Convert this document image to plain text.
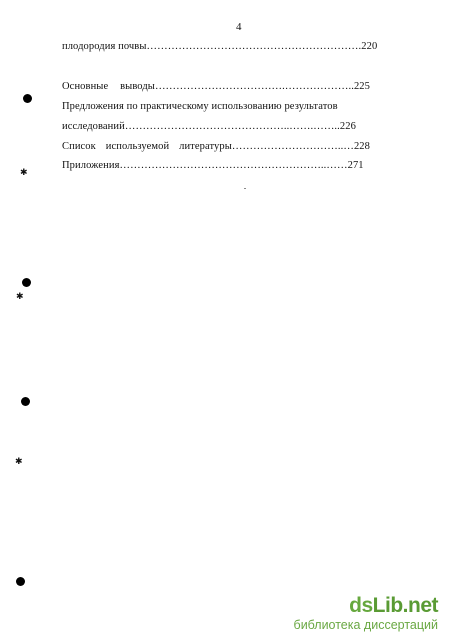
4
плодородия почвы…………………………………………………….220
Основные выводы……………………………….………………..225
Предложения по практическому использованию результатов
исследований………………………………………..…….……..226
Список используемой литературы…………………………..…228
Приложения…………………………………………………..……271
✱
✱
✱
dsLib.net
библиотека диссертаций
